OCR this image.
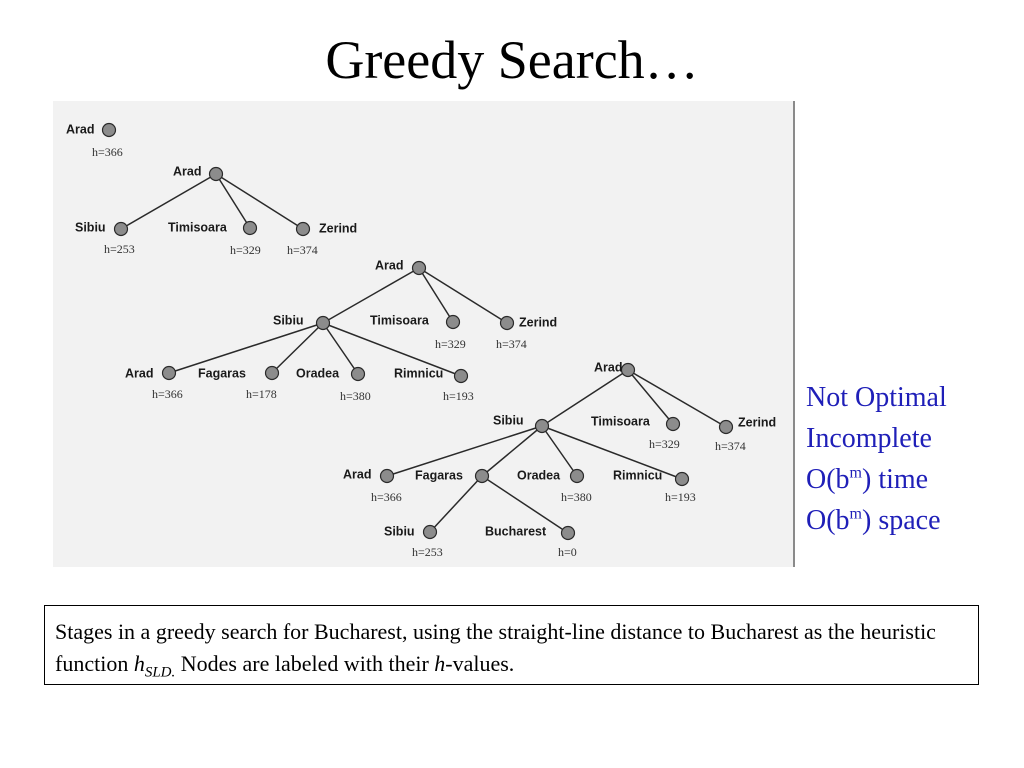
Greedy Search…
Arad
h=366
Arad
Sibiu
h=253
Timisoara
h=329
Zerind
h=374
Arad
Sibiu	Timisoara
h=329
Zerind
h=374
Arad
h=366
Fagaras
h=178
Oradea
h=380
Rimnicu
h=193
Arad
Sibiu	Timisoara
h=329
Zerind
h=374
Arad
h=366
Fagaras	Oradea
h=380
Rimnicu
h=193
Sibiu
h=253
Bucharest
h=0
Not Optimal
Incomplete
$O(b^m)$ time
$O(b^m)$ space
Stages in a greedy search for Bucharest, using the straight-line distance to Bucharest as the heuristic function $h_{SLD.}$ Nodes are labeled with their h-values.
